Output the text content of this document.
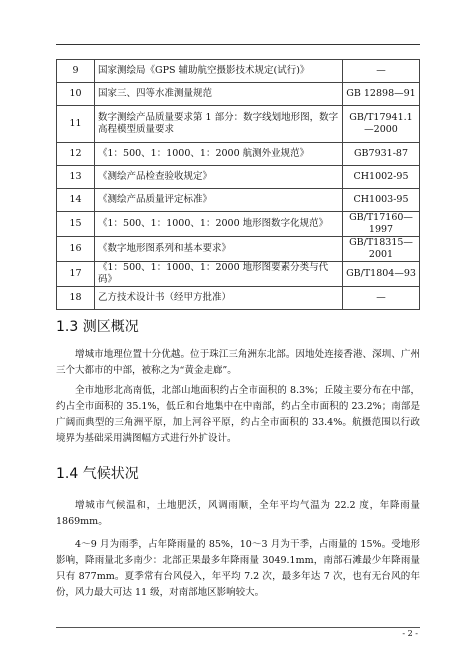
9	国家测绘局《GPS 辅助航空摄影技术规定(试行)》	—
10	国家三、四等水准测量规范	GB 12898—91
11	数字测绘产品质量要求第 1 部分：数字线划地形图，数字高程模型质量要求	GB/T17941.1—2000
12	《1：500、1：1000、1：2000 航测外业规范》	GB7931-87
13	《测绘产品检查验收规定》	CH1002-95
14	《测绘产品质量评定标准》	CH1003-95
15	《1：500、1：1000、1：2000 地形图数字化规范》	GB/T17160—1997
16	《数字地形图系列和基本要求》	GB/T18315—2001
17	《1：500、1：1000、1：2000 地形图要素分类与代码》	GB/T1804—93
18	乙方技术设计书（经甲方批准）	—
1.3 测区概况

增城市地理位置十分优越。位于珠江三角洲东北部。因地处连接香港、深圳、广州三个大都市的中部，被称之为“黄金走廊”。

全市地形北高南低，北部山地面积约占全市面积的 8.3%；丘陵主要分布在中部，约占全市面积的 35.1%，低丘和台地集中在中南部，约占全市面积的 23.2%；南部是广阔而典型的三角洲平原，加上河谷平原，约占全市面积的 33.4%。航摄范围以行政境界为基础采用满图幅方式进行外扩设计。

1.4 气候状况

增城市气候温和，土地肥沃，风调雨顺，全年平均气温为 22.2 度，年降雨量 1869mm。

4～9 月为雨季，占年降雨量的 85%，10～3 月为干季，占雨量的 15%。受地形影响，降雨量北多南少：北部正果最多年降雨量 3049.1mm，南部石滩最少年降雨量只有 877mm。夏季常有台风侵入，年平均 7.2 次，最多年达 7 次，也有无台风的年份，风力最大可达 11 级，对南部地区影响较大。

- 2 -
